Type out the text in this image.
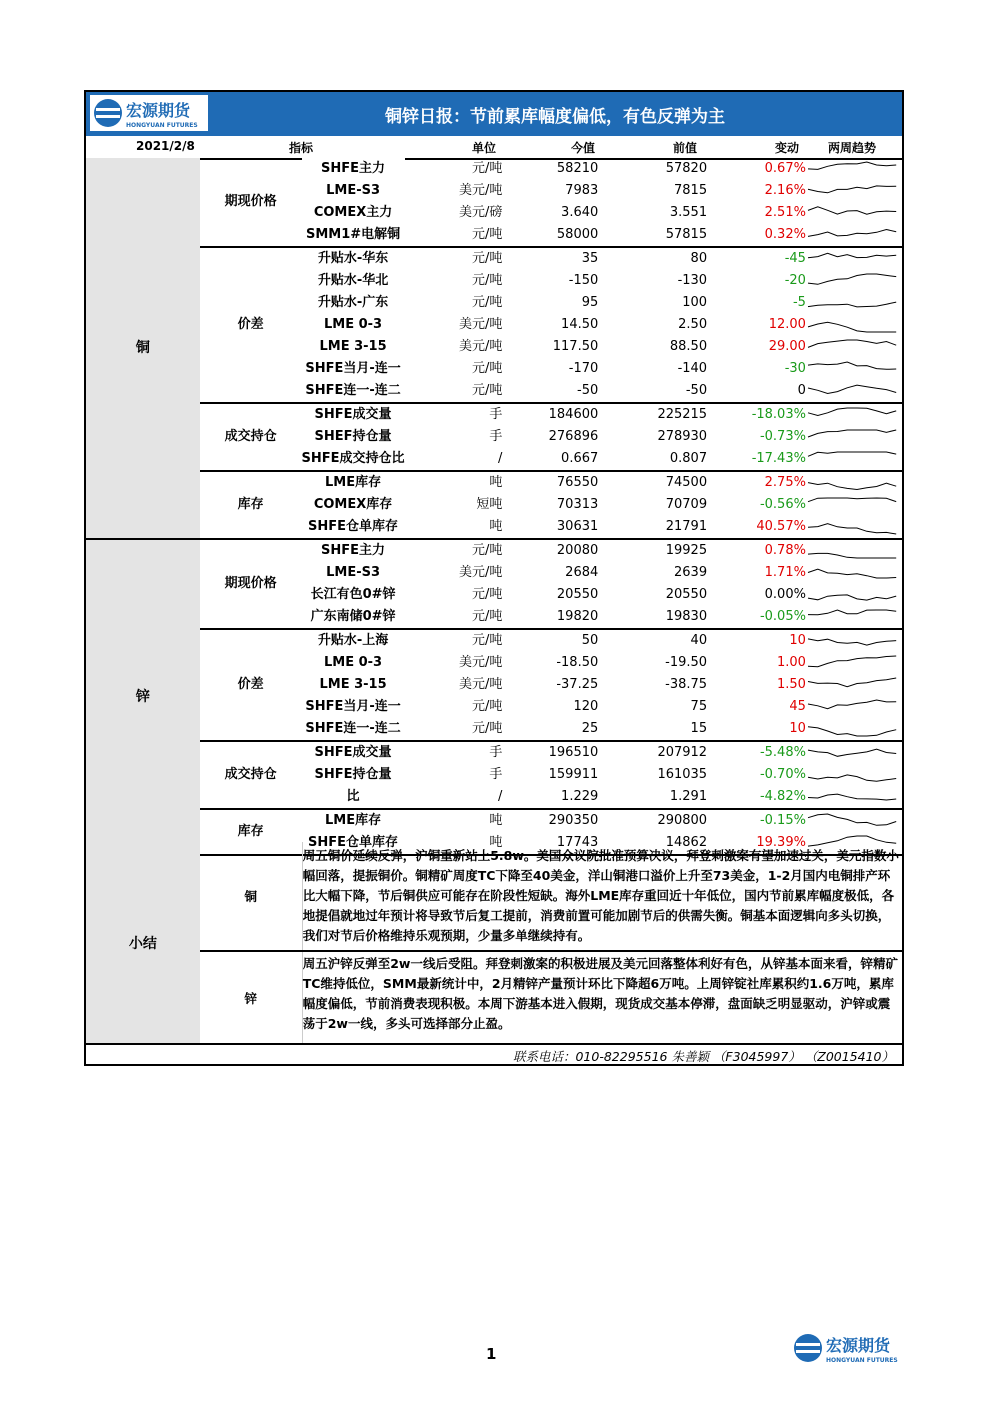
宏源期货
HONGYUAN FUTURES	铜锌日报：节前累库幅度偏低，有色反弹为主
2021/2/8	指标	单位	今值	前值	变动 两周趋势
铜	期现价格	SHFE主力	元/吨	58210	57820	0.67%	

		LME-S3	美元/吨	7983	7815	2.16%	

		COMEX主力	美元/磅	3.640	3.551	2.51%	

		SMM1#电解铜	元/吨	58000	57815	0.32%	

	价差	升贴水-华东	元/吨	35	80	-45	

		升贴水-华北	元/吨	-150	-130	-20	

		升贴水-广东	元/吨	95	100	-5	

		LME 0-3	美元/吨	14.50	2.50	12.00	

		LME 3-15	美元/吨	117.50	88.50	29.00	

		SHFE当月-连一	元/吨	-170	-140	-30	

		SHFE连一-连二	元/吨	-50	-50	0	

	成交持仓	SHFE成交量	手	184600	225215	-18.03%	

		SHEF持仓量	手	276896	278930	-0.73%	

		SHFE成交持仓比	/	0.667	0.807	-17.43%	

	库存	LME库存	吨	76550	74500	2.75%	

		COMEX库存	短吨	70313	70709	-0.56%	

		SHFE仓单库存	吨	30631	21791	40.57%	

锌	期现价格	SHFE主力	元/吨	20080	19925	0.78%	

		LME-S3	美元/吨	2684	2639	1.71%	

		长江有色0#锌	元/吨	20550	20550	0.00%	

		广东南储0#锌	元/吨	19820	19830	-0.05%	

	价差	升贴水-上海	元/吨	50	40	10	

		LME 0-3	美元/吨	-18.50	-19.50	1.00	

		LME 3-15	美元/吨	-37.25	-38.75	1.50	

		SHFE当月-连一	元/吨	120	75	45	

		SHFE连一-连二	元/吨	25	15	10	

	成交持仓	SHFE成交量	手	196510	207912	-5.48%	

		SHFE持仓量	手	159911	161035	-0.70%	

		比	/	1.229	1.291	-4.82%	

	库存	LME库存	吨	290350	290800	-0.15%	

		SHFE仓单库存	吨	17743	14862	19.39%	
小结	铜	周五铜价延续反弹，沪铜重新站上5.8w。美国众议院批准预算决议，拜登刺激案有望加速过关，美元指数小幅回落，提振铜价。铜精矿周度TC下降至40美金，洋山铜港口溢价上升至73美金，1-2月国内电铜排产环比大幅下降，节后铜供应可能存在阶段性短缺。海外LME库存重回近十年低位，国内节前累库幅度极低，各地提倡就地过年预计将导致节后复工提前，消费前置可能加剧节后的供需失衡。铜基本面逻辑向多头切换，我们对节后价格维持乐观预期，少量多单继续持有。
	锌	周五沪锌反弹至2w一线后受阻。拜登刺激案的积极进展及美元回落整体利好有色，从锌基本面来看，锌精矿TC维持低位，SMM最新统计中，2月精锌产量预计环比下降超6万吨。上周锌锭社库累积约1.6万吨，累库幅度偏低，节前消费表现积极。本周下游基本进入假期，现货成交基本停滞，盘面缺乏明显驱动，沪锌或震荡于2w一线，多头可选择部分止盈。
联系电话：010-82295516 朱善颖 （F3045997） （Z0015410）
1	宏源期货
HONGYUAN FUTURES
